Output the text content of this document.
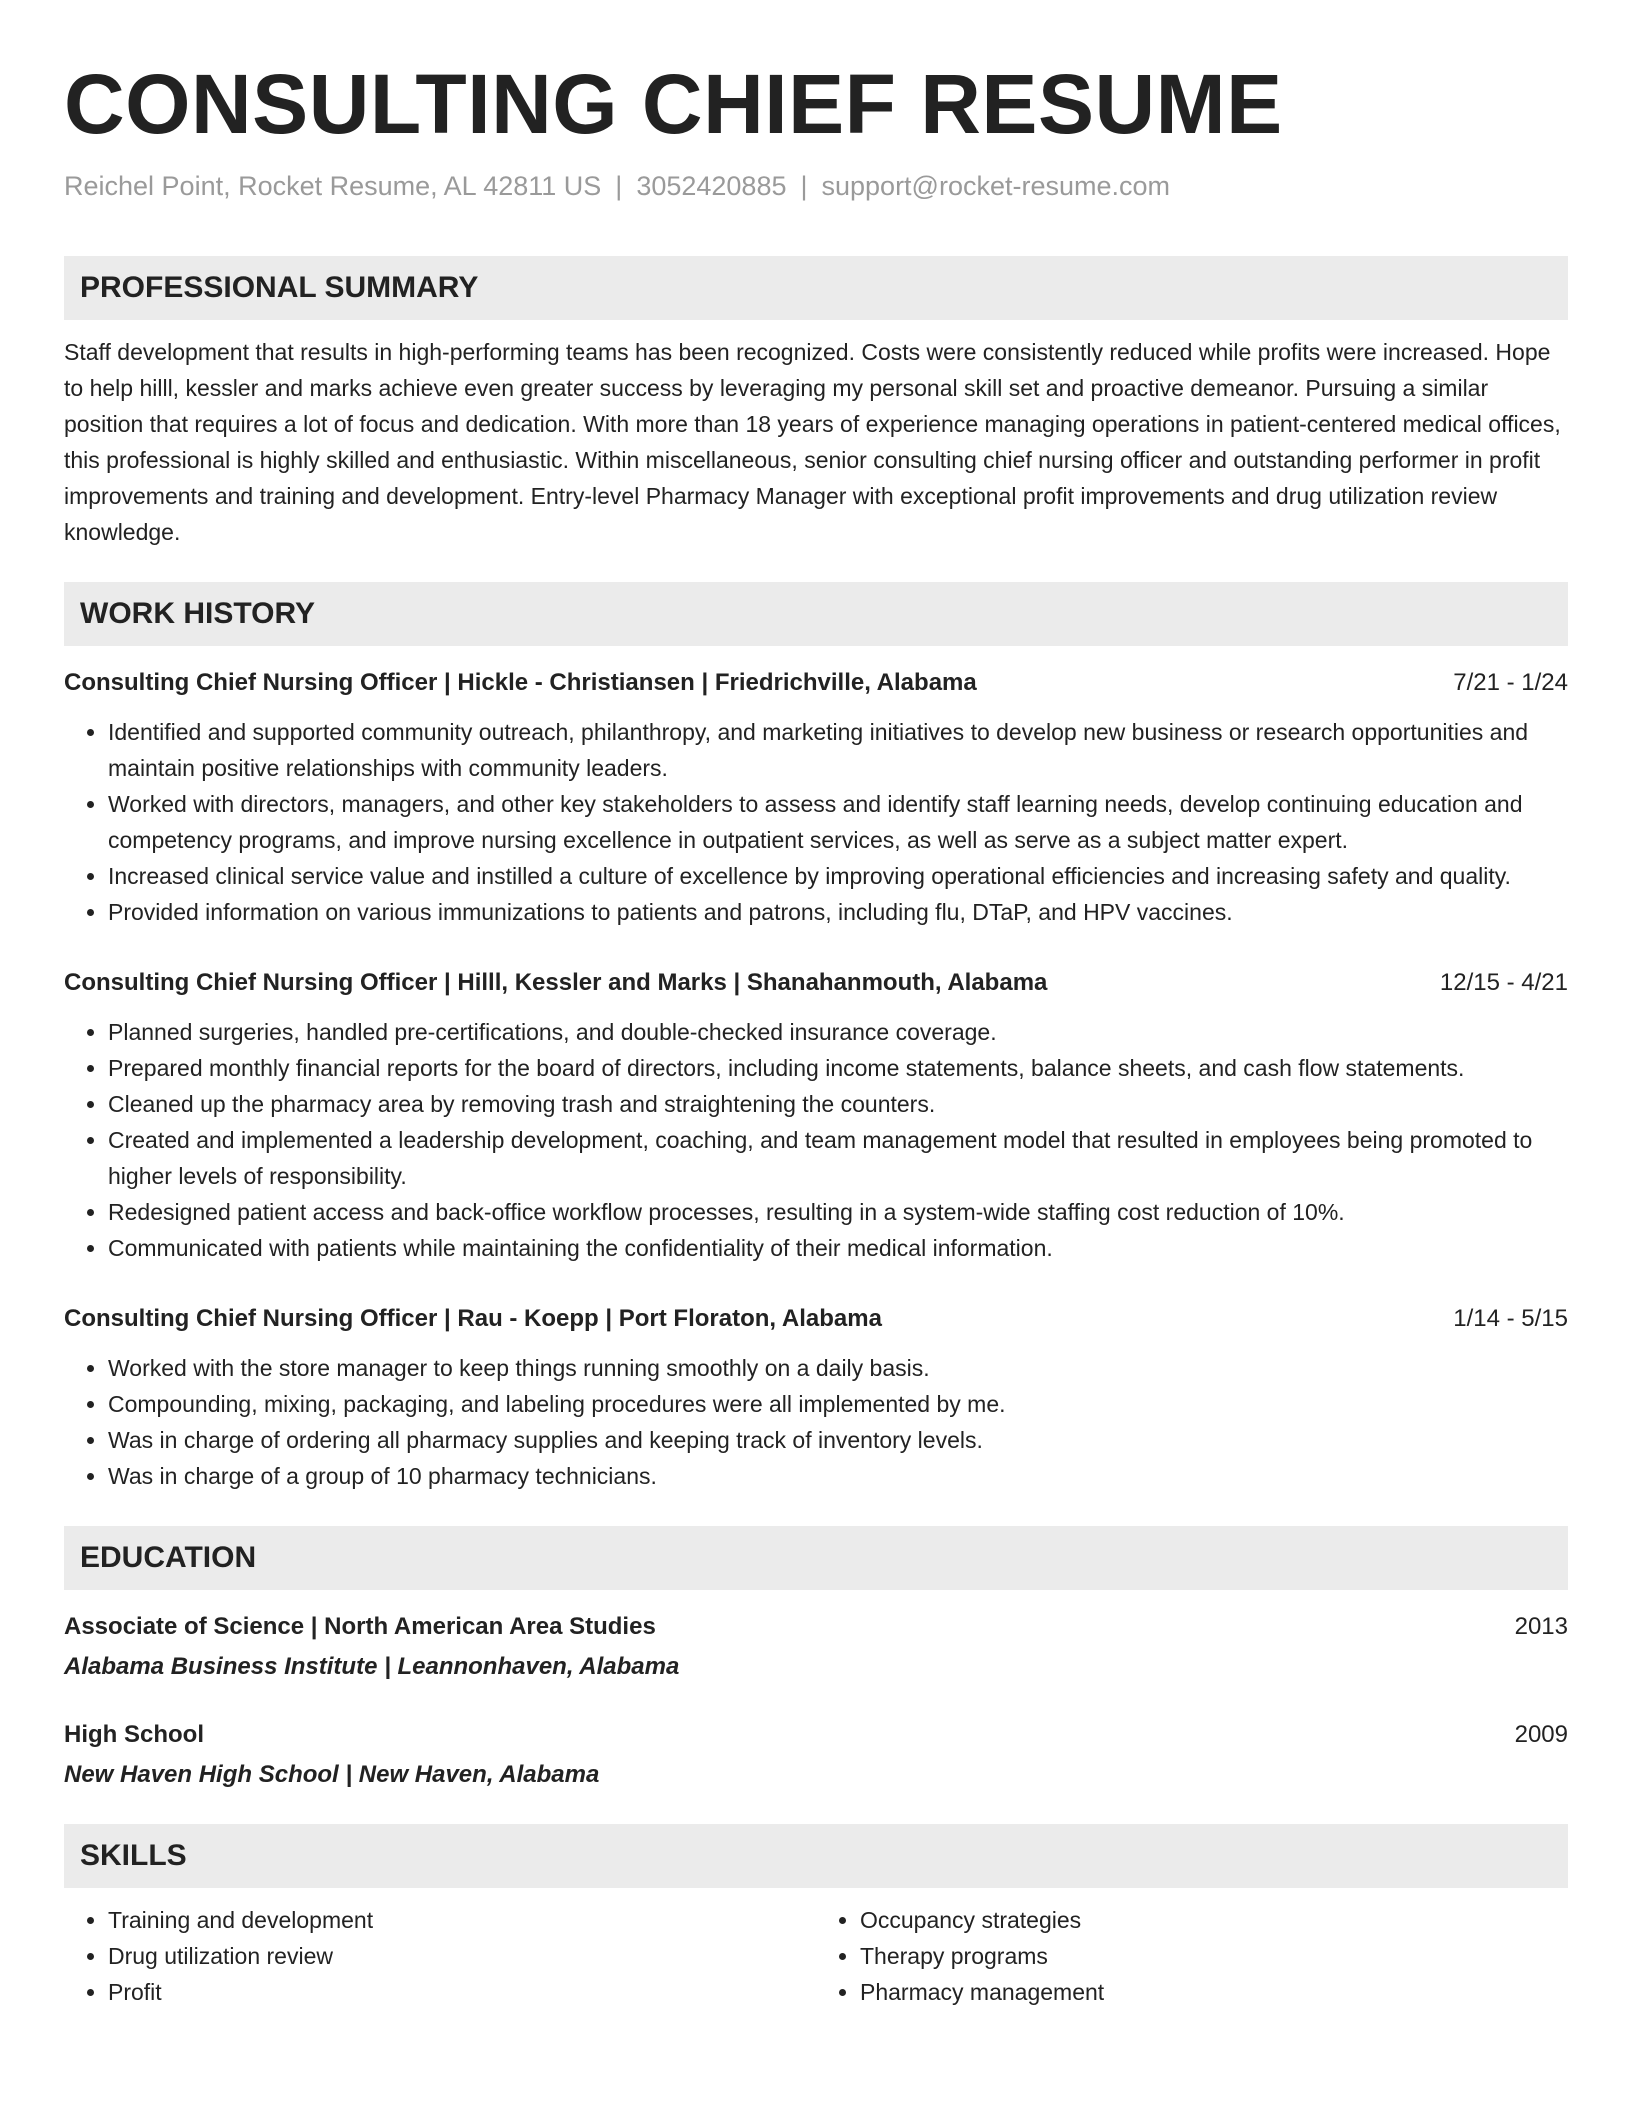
CONSULTING CHIEF RESUME
Reichel Point, Rocket Resume, AL 42811 US | 3052420885 | support@rocket-resume.com
PROFESSIONAL SUMMARY
Staff development that results in high-performing teams has been recognized. Costs were consistently reduced while profits were increased. Hope to help hilll, kessler and marks achieve even greater success by leveraging my personal skill set and proactive demeanor. Pursuing a similar position that requires a lot of focus and dedication. With more than 18 years of experience managing operations in patient-centered medical offices, this professional is highly skilled and enthusiastic. Within miscellaneous, senior consulting chief nursing officer and outstanding performer in profit improvements and training and development. Entry-level Pharmacy Manager with exceptional profit improvements and drug utilization review knowledge.
WORK HISTORY
Consulting Chief Nursing Officer | Hickle - Christiansen | Friedrichville, Alabama	7/21 - 1/24
• Identified and supported community outreach, philanthropy, and marketing initiatives to develop new business or research opportunities and maintain positive relationships with community leaders.
• Worked with directors, managers, and other key stakeholders to assess and identify staff learning needs, develop continuing education and competency programs, and improve nursing excellence in outpatient services, as well as serve as a subject matter expert.
• Increased clinical service value and instilled a culture of excellence by improving operational efficiencies and increasing safety and quality.
• Provided information on various immunizations to patients and patrons, including flu, DTaP, and HPV vaccines.
Consulting Chief Nursing Officer | Hilll, Kessler and Marks | Shanahanmouth, Alabama	12/15 - 4/21
• Planned surgeries, handled pre-certifications, and double-checked insurance coverage.
• Prepared monthly financial reports for the board of directors, including income statements, balance sheets, and cash flow statements.
• Cleaned up the pharmacy area by removing trash and straightening the counters.
• Created and implemented a leadership development, coaching, and team management model that resulted in employees being promoted to higher levels of responsibility.
• Redesigned patient access and back-office workflow processes, resulting in a system-wide staffing cost reduction of 10%.
• Communicated with patients while maintaining the confidentiality of their medical information.
Consulting Chief Nursing Officer | Rau - Koepp | Port Floraton, Alabama	1/14 - 5/15
• Worked with the store manager to keep things running smoothly on a daily basis.
• Compounding, mixing, packaging, and labeling procedures were all implemented by me.
• Was in charge of ordering all pharmacy supplies and keeping track of inventory levels.
• Was in charge of a group of 10 pharmacy technicians.
EDUCATION
Associate of Science | North American Area Studies	2013
Alabama Business Institute | Leannonhaven, Alabama
High School	2009
New Haven High School | New Haven, Alabama
SKILLS
• Training and development
• Drug utilization review
• Profit
• Occupancy strategies
• Therapy programs
• Pharmacy management
